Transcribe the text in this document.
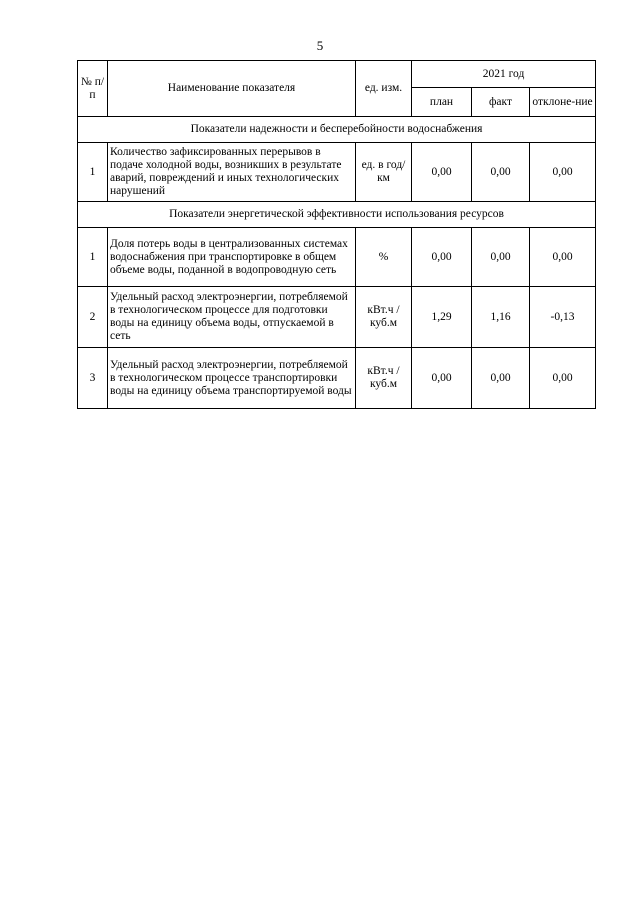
5
№ п/п	Наименование показателя	ед. изм.	2021 год		
			план	факт	отклоне-ние
Показатели надежности и бесперебойности водоснабжения					
1	Количество зафиксированных перерывов в подаче холодной воды, возникших в результате аварий, повреждений и иных технологических нарушений	ед. в год/ км	0,00	0,00	0,00
Показатели энергетической эффективности использования ресурсов					
1	Доля потерь воды в централизованных системах водоснабжения при транспортировке в общем объеме воды, поданной в водопроводную сеть	%	0,00	0,00	0,00
2	Удельный расход электроэнергии, потребляемой в технологическом процессе для подготовки воды на единицу объема воды, отпускаемой в сеть	кВт.ч / куб.м	1,29	1,16	-0,13
3	Удельный расход электроэнергии, потребляемой в технологическом процессе транспортировки воды на единицу объема транспортируемой воды	кВт.ч / куб.м	0,00	0,00	0,00
